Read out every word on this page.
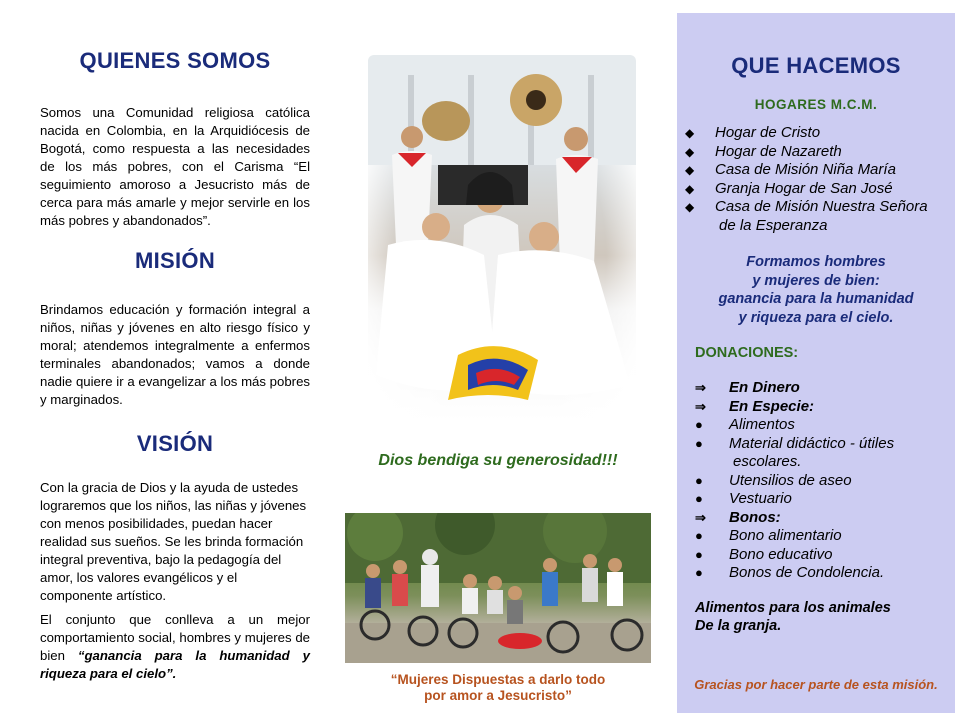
QUIENES SOMOS

Somos una Comunidad religiosa católica nacida en Colombia, en la Arquidiócesis de Bogotá, como respuesta a las necesidades de los más pobres, con el Carisma “El seguimiento amoroso a Jesucristo más de cerca para más amarle y mejor servirle en los más pobres y abandonados”.

MISIÓN

Brindamos educación y formación integral a niños, niñas y jóvenes en alto riesgo físico y moral; atendemos integralmente a enfermos terminales abandonados; vamos a donde nadie quiere ir a evangelizar a los más pobres y marginados.

VISIÓN

Con la gracia de Dios y la ayuda de ustedes lograremos que los niños, las niñas y jóvenes con menos posibilidades, puedan hacer realidad sus sueños. Se les brinda formación integral preventiva, bajo la pedagogía del amor, los valores evangélicos y el componente artístico.

El conjunto que conlleva a un mejor comportamiento social, hombres y mujeres de bien “ganancia para la humanidad y riqueza para el cielo”.

Dios bendiga su generosidad!!!

“Mujeres Dispuestas a darlo todo
por amor a Jesucristo”

QUE HACEMOS

HOGARES M.C.M.

◆ Hogar de Cristo
◆ Hogar de Nazareth
◆ Casa de Misión Niña María
◆ Granja Hogar de San José
◆ Casa de Misión Nuestra Señora
de la Esperanza

Formamos hombres
y mujeres de bien:
ganancia para la humanidad
y riqueza para el cielo.

DONACIONES:

⇒ En Dinero
⇒ En Especie:
● Alimentos
● Material didáctico - útiles
escolares.
● Utensilios de aseo
● Vestuario
⇒ Bonos:
● Bono alimentario
● Bono educativo
● Bonos de Condolencia.

Alimentos para los animales
De la granja.

Gracias por hacer parte de esta misión.
